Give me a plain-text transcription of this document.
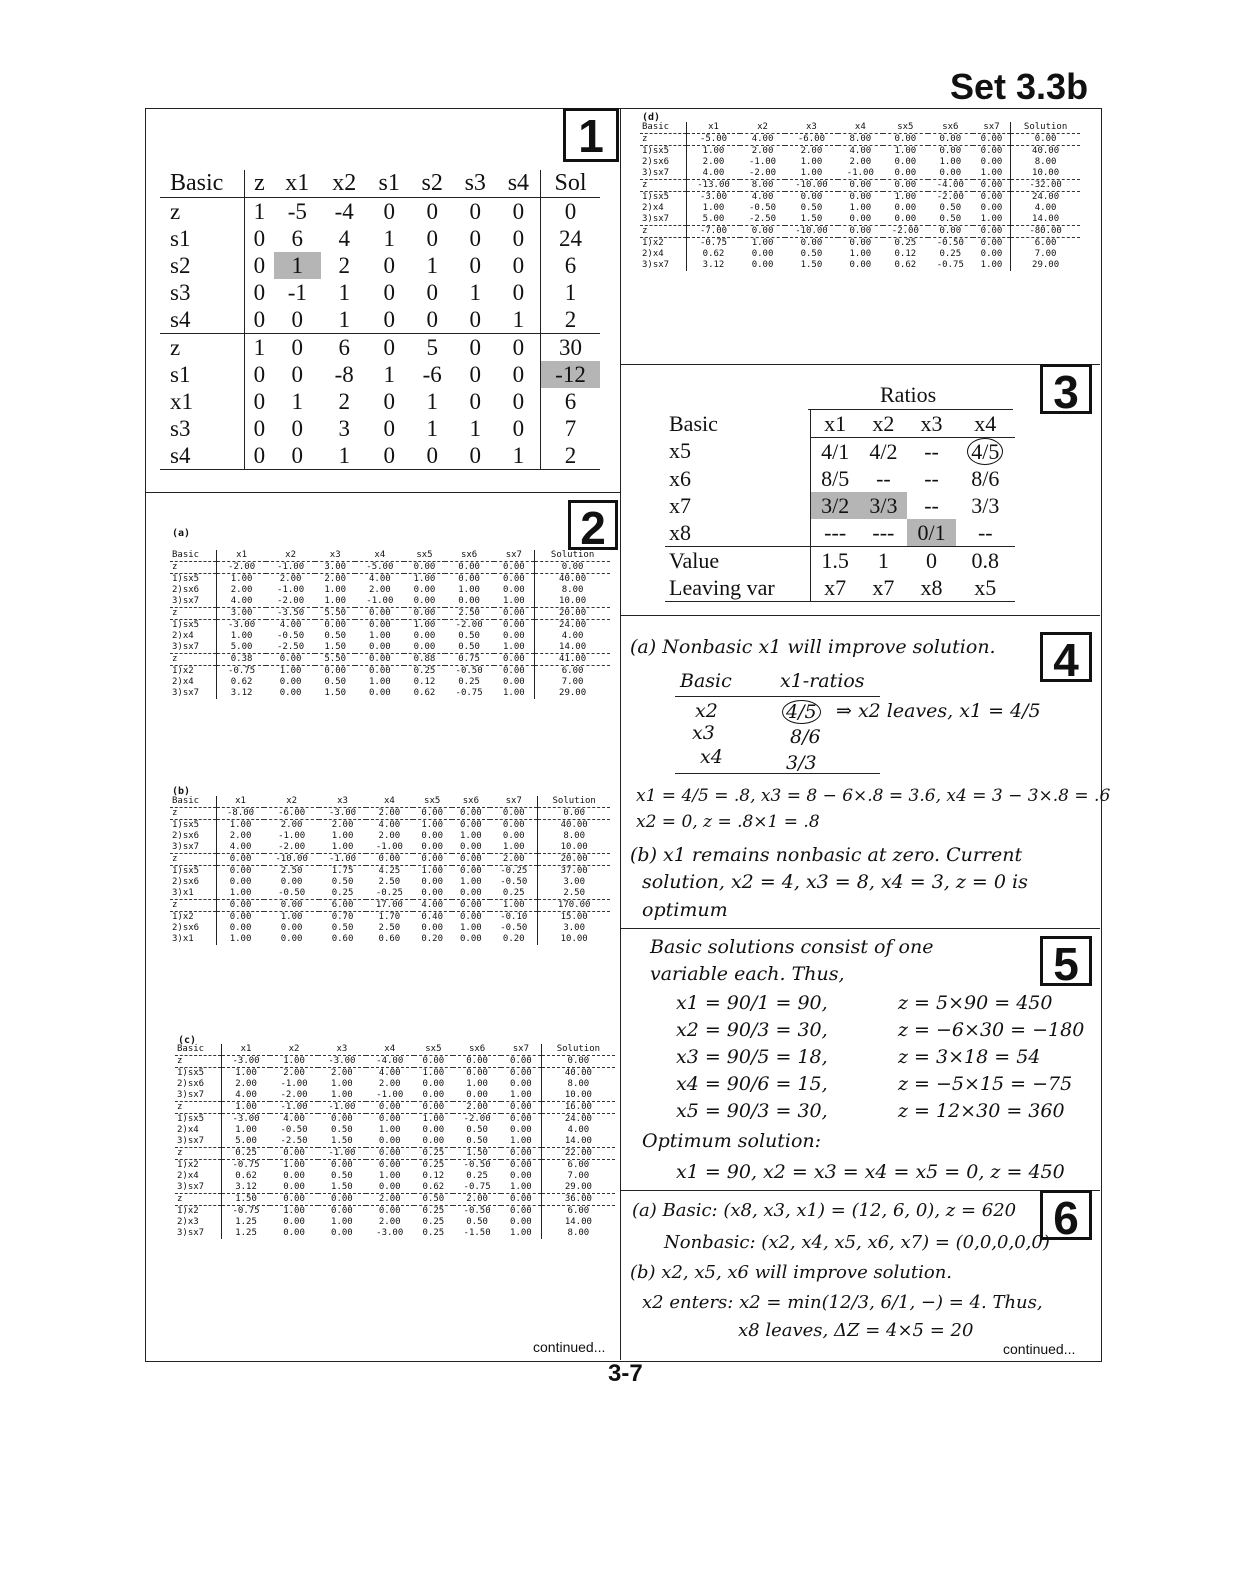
Set 3.3b
1
2
3
4
5
6
Basic	z	x1	x2	s1	s2	s3	s4	Sol
z	1	-5	-4	0	0	0	0	0
s1	0	6	4	1	0	0	0	24
s2	0	1	2	0	1	0	0	6
s3	0	-1	1	0	0	1	0	1
s4	0	0	1	0	0	0	1	2
z	1	0	6	0	5	0	0	30
s1	0	0	-8	1	-6	0	0	-12
x1	0	1	2	0	1	0	0	6
s3	0	0	3	0	1	1	0	7
s4	0	0	1	0	0	0	1	2
(a)
Basic	x1	x2	x3	x4	sx5	sx6	sx7	Solution
z	-2.00	-1.00	3.00	-5.00	0.00	0.00	0.00	0.00
1)sx5	1.00	2.00	2.00	4.00	1.00	0.00	0.00	40.00
2)sx6	2.00	-1.00	1.00	2.00	0.00	1.00	0.00	8.00
3)sx7	4.00	-2.00	1.00	-1.00	0.00	0.00	1.00	10.00
z	3.00	-3.50	5.50	0.00	0.00	2.50	0.00	20.00
1)sx5	-3.00	4.00	0.00	0.00	1.00	-2.00	0.00	24.00
2)x4	1.00	-0.50	0.50	1.00	0.00	0.50	0.00	4.00
3)sx7	5.00	-2.50	1.50	0.00	0.00	0.50	1.00	14.00
z	0.38	0.00	5.50	0.00	0.88	0.75	0.00	41.00
1)x2	-0.75	1.00	0.00	0.00	0.25	-0.50	0.00	6.00
2)x4	0.62	0.00	0.50	1.00	0.12	0.25	0.00	7.00
3)sx7	3.12	0.00	1.50	0.00	0.62	-0.75	1.00	29.00
(b)
Basic	x1	x2	x3	x4	sx5	sx6	sx7	Solution
z	-8.00	-6.00	-3.00	2.00	0.00	0.00	0.00	0.00
1)sx5	1.00	2.00	2.00	4.00	1.00	0.00	0.00	40.00
2)sx6	2.00	-1.00	1.00	2.00	0.00	1.00	0.00	8.00
3)sx7	4.00	-2.00	1.00	-1.00	0.00	0.00	1.00	10.00
z	0.00	-10.00	-1.00	0.00	0.00	0.00	2.00	20.00
1)sx5	0.00	2.50	1.75	4.25	1.00	0.00	-0.25	37.00
2)sx6	0.00	0.00	0.50	2.50	0.00	1.00	-0.50	3.00
3)x1	1.00	-0.50	0.25	-0.25	0.00	0.00	0.25	2.50
z	0.00	0.00	6.00	17.00	4.00	0.00	1.00	170.00
1)x2	0.00	1.00	0.70	1.70	0.40	0.00	-0.10	15.00
2)sx6	0.00	0.00	0.50	2.50	0.00	1.00	-0.50	3.00
3)x1	1.00	0.00	0.60	0.60	0.20	0.00	0.20	10.00
(c)
Basic	x1	x2	x3	x4	sx5	sx6	sx7	Solution
z	-3.00	1.00	-3.00	-4.00	0.00	0.00	0.00	0.00
1)sx5	1.00	2.00	2.00	4.00	1.00	0.00	0.00	40.00
2)sx6	2.00	-1.00	1.00	2.00	0.00	1.00	0.00	8.00
3)sx7	4.00	-2.00	1.00	-1.00	0.00	0.00	1.00	10.00
z	1.00	-1.00	-1.00	0.00	0.00	2.00	0.00	16.00
1)sx5	-3.00	4.00	0.00	0.00	1.00	-2.00	0.00	24.00
2)x4	1.00	-0.50	0.50	1.00	0.00	0.50	0.00	4.00
3)sx7	5.00	-2.50	1.50	0.00	0.00	0.50	1.00	14.00
z	0.25	0.00	-1.00	0.00	0.25	1.50	0.00	22.00
1)x2	-0.75	1.00	0.00	0.00	0.25	-0.50	0.00	6.00
2)x4	0.62	0.00	0.50	1.00	0.12	0.25	0.00	7.00
3)sx7	3.12	0.00	1.50	0.00	0.62	-0.75	1.00	29.00
z	1.50	0.00	0.00	2.00	0.50	2.00	0.00	36.00
1)x2	-0.75	1.00	0.00	0.00	0.25	-0.50	0.00	6.00
2)x3	1.25	0.00	1.00	2.00	0.25	0.50	0.00	14.00
3)sx7	1.25	0.00	0.00	-3.00	0.25	-1.50	1.00	8.00
continued...
(d)
Basic	x1	x2	x3	x4	sx5	sx6	sx7	Solution
z	-5.00	4.00	-6.00	8.00	0.00	0.00	0.00	0.00
1)sx5	1.00	2.00	2.00	4.00	1.00	0.00	0.00	40.00
2)sx6	2.00	-1.00	1.00	2.00	0.00	1.00	0.00	8.00
3)sx7	4.00	-2.00	1.00	-1.00	0.00	0.00	1.00	10.00
z	-13.00	8.00	-10.00	0.00	0.00	-4.00	0.00	-32.00
1)sx5	-3.00	4.00	0.00	0.00	1.00	-2.00	0.00	24.00
2)x4	1.00	-0.50	0.50	1.00	0.00	0.50	0.00	4.00
3)sx7	5.00	-2.50	1.50	0.00	0.00	0.50	1.00	14.00
z	-7.00	0.00	-10.00	0.00	-2.00	0.00	0.00	-80.00
1)x2	-0.75	1.00	0.00	0.00	0.25	-0.50	0.00	6.00
2)x4	0.62	0.00	0.50	1.00	0.12	0.25	0.00	7.00
3)sx7	3.12	0.00	1.50	0.00	0.62	-0.75	1.00	29.00
Ratios
Basic	x1	x2	x3	x4
x5	4/1	4/2	--	4/5
x6	8/5	--	--	8/6
x7	3/2	3/3	--	3/3
x8	---	---	0/1	--
Value	1.5	1	0	0.8
Leaving var	x7	x7	x8	x5
(a) Nonbasic x1 will improve solution.
Basic	x1-ratios
x2	4/5 ⇒ x2 leaves, x1 = 4/5
x3	8/6
x4	3/3
x1 = 4/5 = .8, x3 = 8 − 6×.8 = 3.6, x4 = 3 − 3×.8 = .6
x2 = 0, z = .8×1 = .8
(b) x1 remains nonbasic at zero. Current
solution, x2 = 4, x3 = 8, x4 = 3, z = 0 is
optimum
Basic solutions consist of one
variable each. Thus,
x1 = 90/1 = 90,	z = 5×90 = 450
x2 = 90/3 = 30,	z = −6×30 = −180
x3 = 90/5 = 18,	z = 3×18 = 54
x4 = 90/6 = 15,	z = −5×15 = −75
x5 = 90/3 = 30,	z = 12×30 = 360
Optimum solution:
x1 = 90, x2 = x3 = x4 = x5 = 0, z = 450
(a) Basic: (x8, x3, x1) = (12, 6, 0), z = 620
Nonbasic: (x2, x4, x5, x6, x7) = (0,0,0,0,0)
(b) x2, x5, x6 will improve solution.
x2 enters: x2 = min(12/3, 6/1, −) = 4. Thus,
x8 leaves, ΔZ = 4×5 = 20
continued...
3-7
